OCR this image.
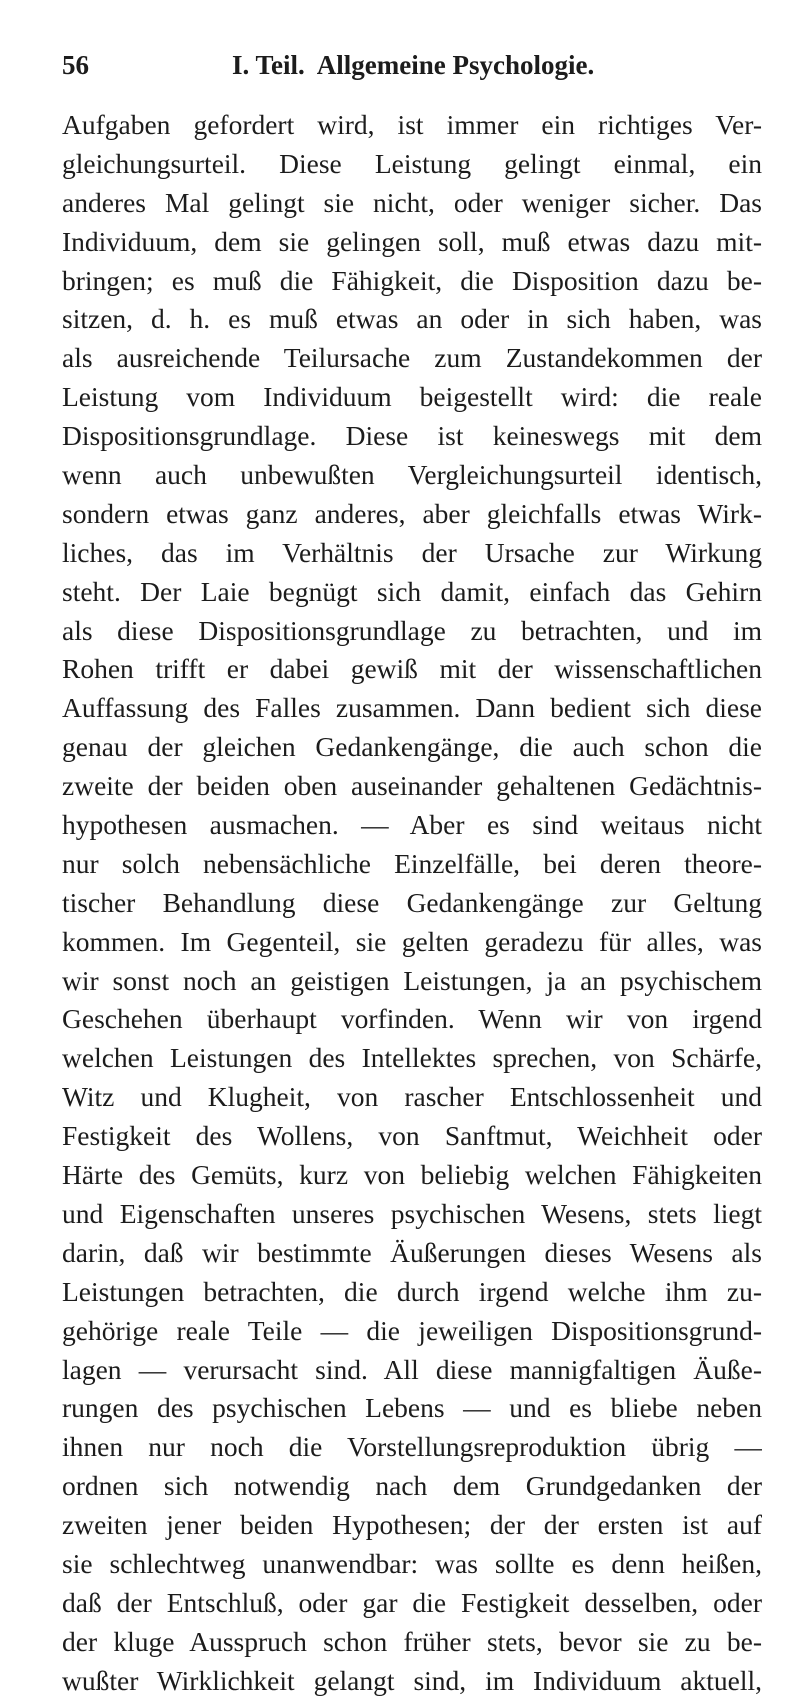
56	I. Teil. Allgemeine Psychologie.
Aufgaben gefordert wird, ist immer ein richtiges Ver-
gleichungsurteil. Diese Leistung gelingt einmal, ein
anderes Mal gelingt sie nicht, oder weniger sicher. Das
Individuum, dem sie gelingen soll, muß etwas dazu mit-
bringen; es muß die Fähigkeit, die Disposition dazu be-
sitzen, d. h. es muß etwas an oder in sich haben, was
als ausreichende Teilursache zum Zustandekommen der
Leistung vom Individuum beigestellt wird: die reale
Dispositionsgrundlage. Diese ist keineswegs mit dem
wenn auch unbewußten Vergleichungsurteil identisch,
sondern etwas ganz anderes, aber gleichfalls etwas Wirk-
liches, das im Verhältnis der Ursache zur Wirkung
steht. Der Laie begnügt sich damit, einfach das Gehirn
als diese Dispositionsgrundlage zu betrachten, und im
Rohen trifft er dabei gewiß mit der wissenschaftlichen
Auffassung des Falles zusammen. Dann bedient sich diese
genau der gleichen Gedankengänge, die auch schon die
zweite der beiden oben auseinander gehaltenen Gedächtnis-
hypothesen ausmachen. — Aber es sind weitaus nicht
nur solch nebensächliche Einzelfälle, bei deren theore-
tischer Behandlung diese Gedankengänge zur Geltung
kommen. Im Gegenteil, sie gelten geradezu für alles, was
wir sonst noch an geistigen Leistungen, ja an psychischem
Geschehen überhaupt vorfinden. Wenn wir von irgend
welchen Leistungen des Intellektes sprechen, von Schärfe,
Witz und Klugheit, von rascher Entschlossenheit und
Festigkeit des Wollens, von Sanftmut, Weichheit oder
Härte des Gemüts, kurz von beliebig welchen Fähigkeiten
und Eigenschaften unseres psychischen Wesens, stets liegt
darin, daß wir bestimmte Äußerungen dieses Wesens als
Leistungen betrachten, die durch irgend welche ihm zu-
gehörige reale Teile — die jeweiligen Dispositionsgrund-
lagen — verursacht sind. All diese mannigfaltigen Äuße-
rungen des psychischen Lebens — und es bliebe neben
ihnen nur noch die Vorstellungsreproduktion übrig —
ordnen sich notwendig nach dem Grundgedanken der
zweiten jener beiden Hypothesen; der der ersten ist auf
sie schlechtweg unanwendbar: was sollte es denn heißen,
daß der Entschluß, oder gar die Festigkeit desselben, oder
der kluge Ausspruch schon früher stets, bevor sie zu be-
wußter Wirklichkeit gelangt sind, im Individuum aktuell,
